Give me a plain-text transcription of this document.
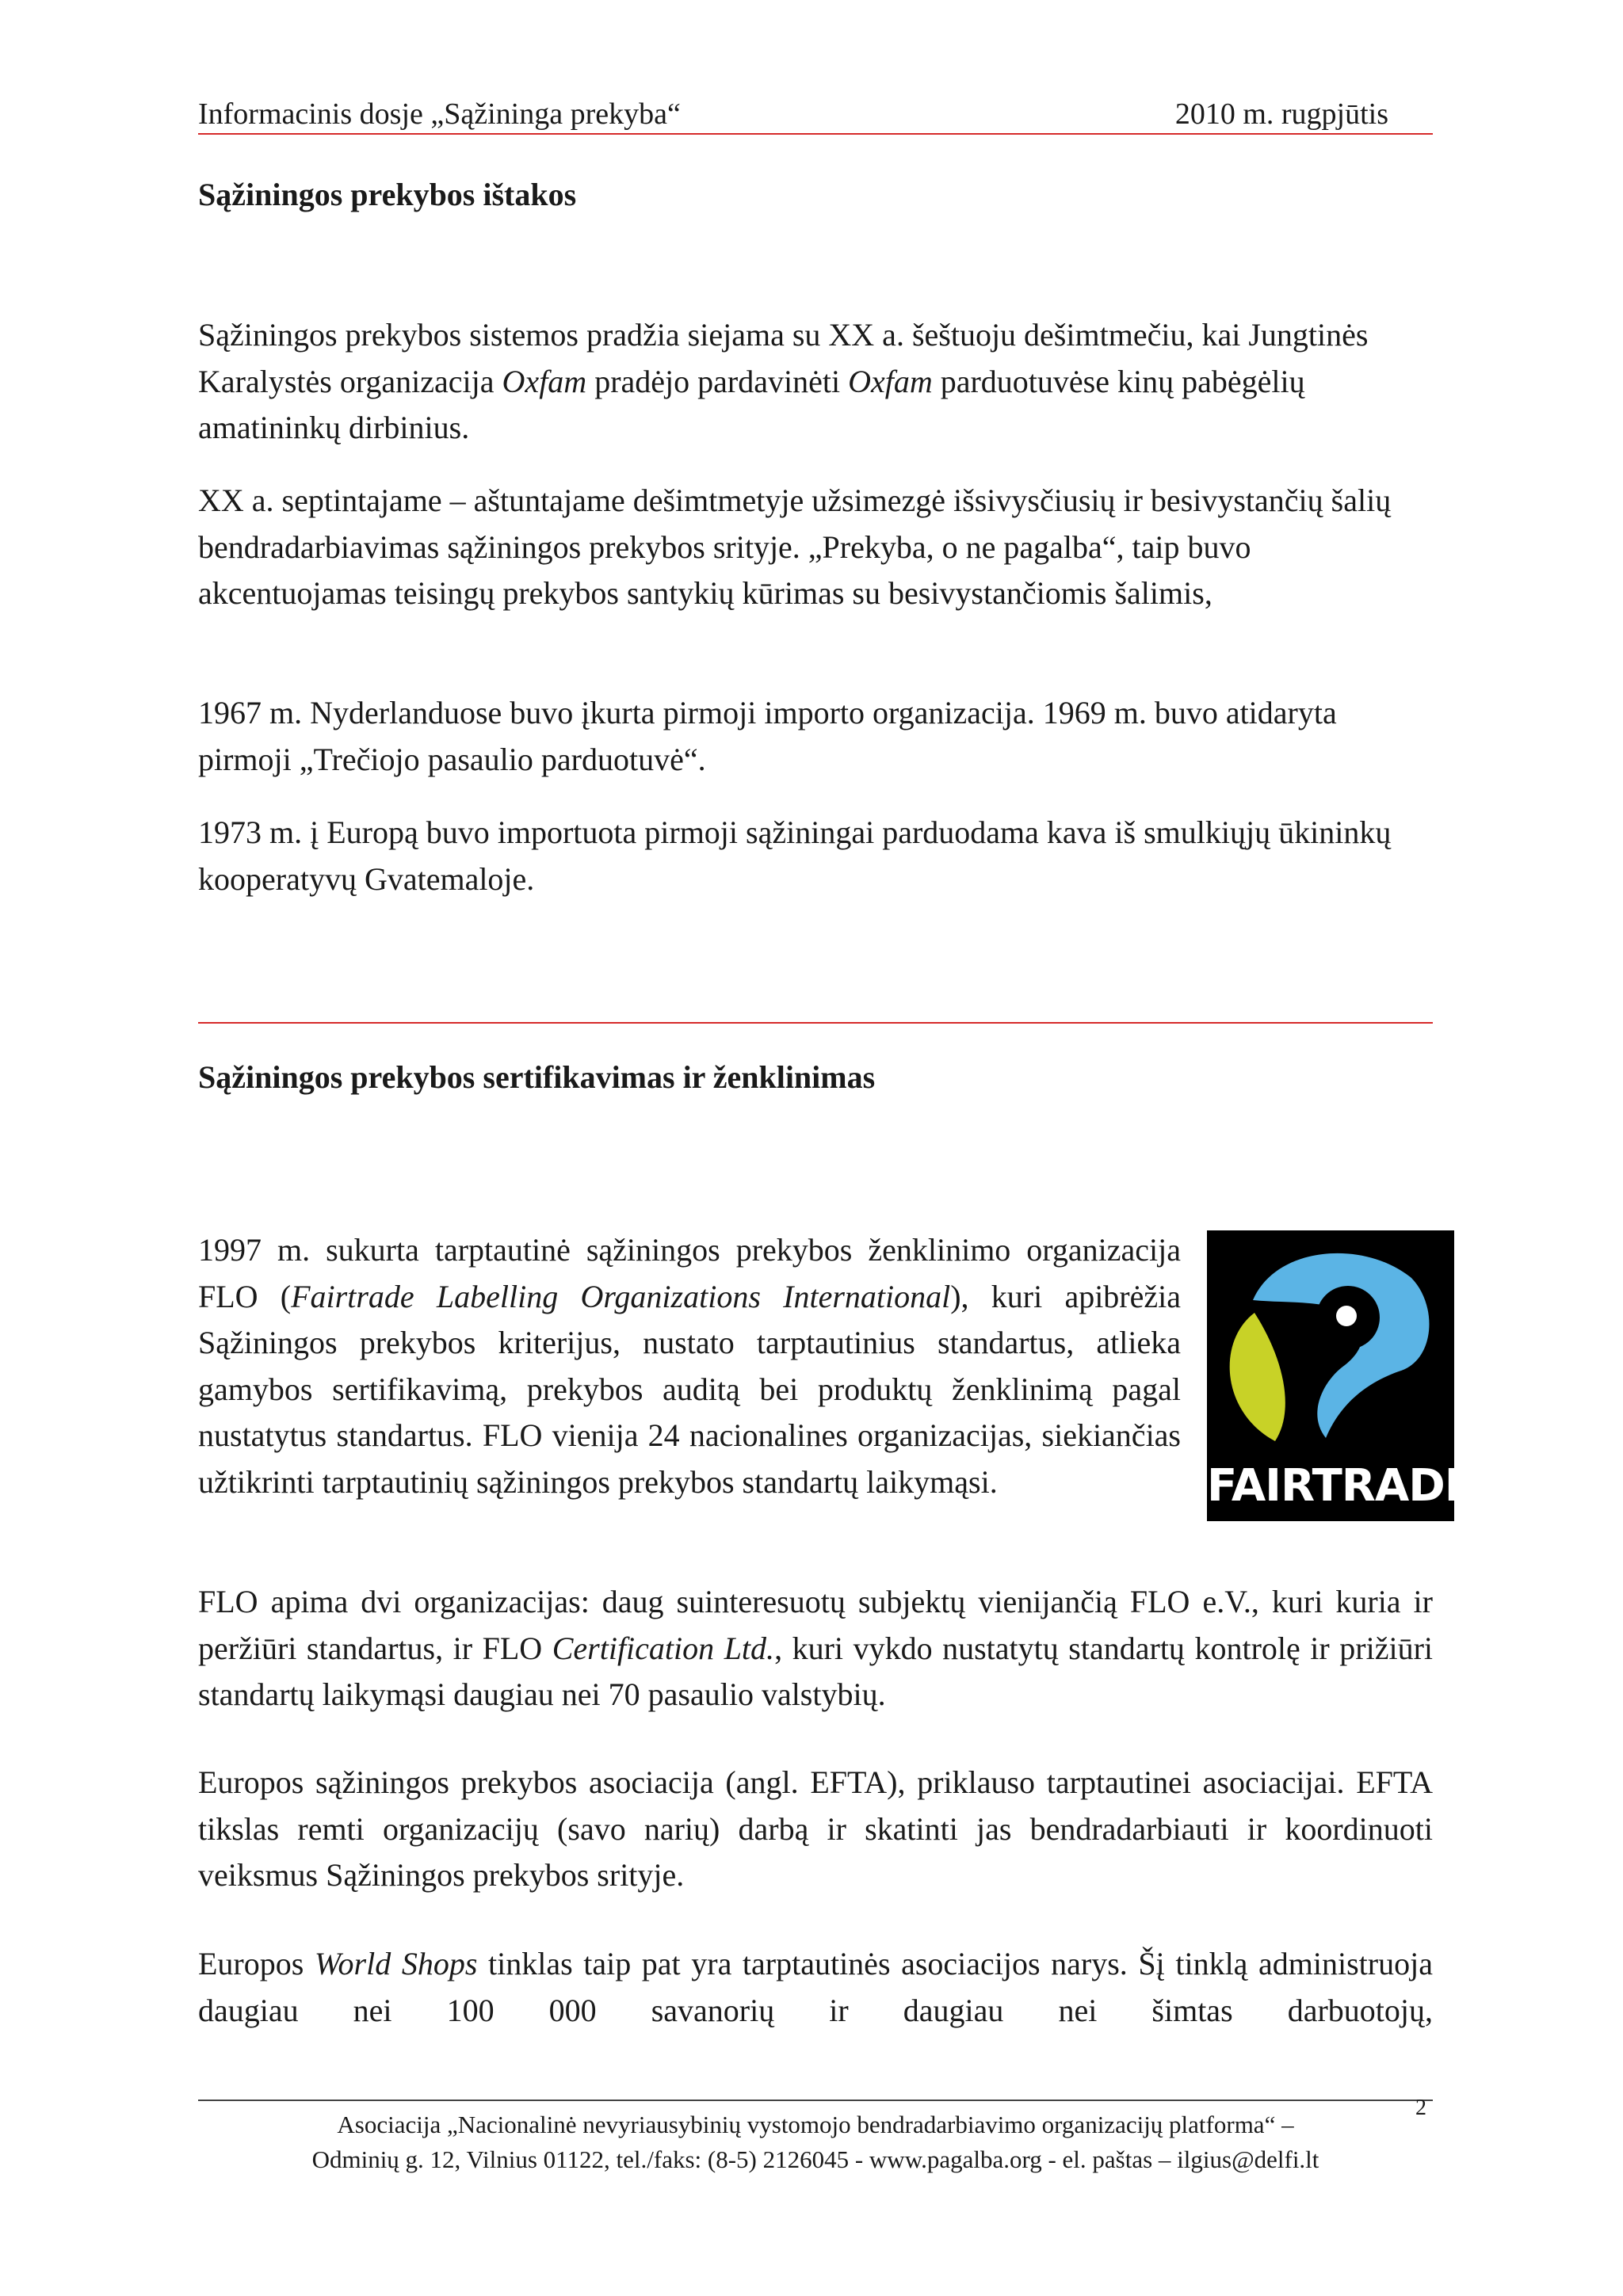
Informacinis dosje „Sąžininga prekyba“	2010 m. rugpjūtis
Sąžiningos prekybos ištakos

Sąžiningos prekybos sistemos pradžia siejama su XX a. šeštuoju dešimtmečiu, kai Jungtinės Karalystės organizacija Oxfam pradėjo pardavinėti Oxfam parduotuvėse kinų pabėgėlių amatininkų dirbinius.

XX a. septintajame – aštuntajame dešimtmetyje užsimezgė išsivysčiusių ir besivystančių šalių bendradarbiavimas sąžiningos prekybos srityje. „Prekyba, o ne pagalba“, taip buvo akcentuojamas teisingų prekybos santykių kūrimas su besivystančiomis šalimis,

1967 m. Nyderlanduose buvo įkurta pirmoji importo organizacija. 1969 m. buvo atidaryta pirmoji „Trečiojo pasaulio parduotuvė“.

1973 m. į Europą buvo importuota pirmoji sąžiningai parduodama kava iš smulkiųjų ūkininkų kooperatyvų Gvatemaloje.

Sąžiningos prekybos sertifikavimas ir ženklinimas

1997 m. sukurta tarptautinė sąžiningos prekybos ženklinimo organizacija FLO (Fairtrade Labelling Organizations International), kuri apibrėžia Sąžiningos prekybos kriterijus, nustato tarptautinius standartus, atlieka gamybos sertifikavimą, prekybos auditą bei produktų ženklinimą pagal nustatytus standartus. FLO vienija 24 nacionalines organizacijas, siekiančias užtikrinti tarptautinių sąžiningos prekybos standartų laikymąsi.	FAIRTRADE

FLO apima dvi organizacijas: daug suinteresuotų subjektų vienijančią FLO e.V., kuri kuria ir peržiūri standartus, ir FLO Certification Ltd., kuri vykdo nustatytų standartų kontrolę ir prižiūri standartų laikymąsi daugiau nei 70 pasaulio valstybių.

Europos sąžiningos prekybos asociacija (angl. EFTA), priklauso tarptautinei asociacijai. EFTA tikslas remti organizacijų (savo narių) darbą ir skatinti jas bendradarbiauti ir koordinuoti veiksmus Sąžiningos prekybos srityje.

Europos World Shops tinklas taip pat yra tarptautinės asociacijos narys. Šį tinklą administruoja daugiau nei 100 000 savanorių ir daugiau nei šimtas darbuotojų,

Asociacija „Nacionalinė nevyriausybinių vystomojo bendradarbiavimo organizacijų platforma“ –
Odminių g. 12, Vilnius 01122, tel./faks: (8-5) 2126045 - www.pagalba.org - el. paštas – ilgius@delfi.lt
2
